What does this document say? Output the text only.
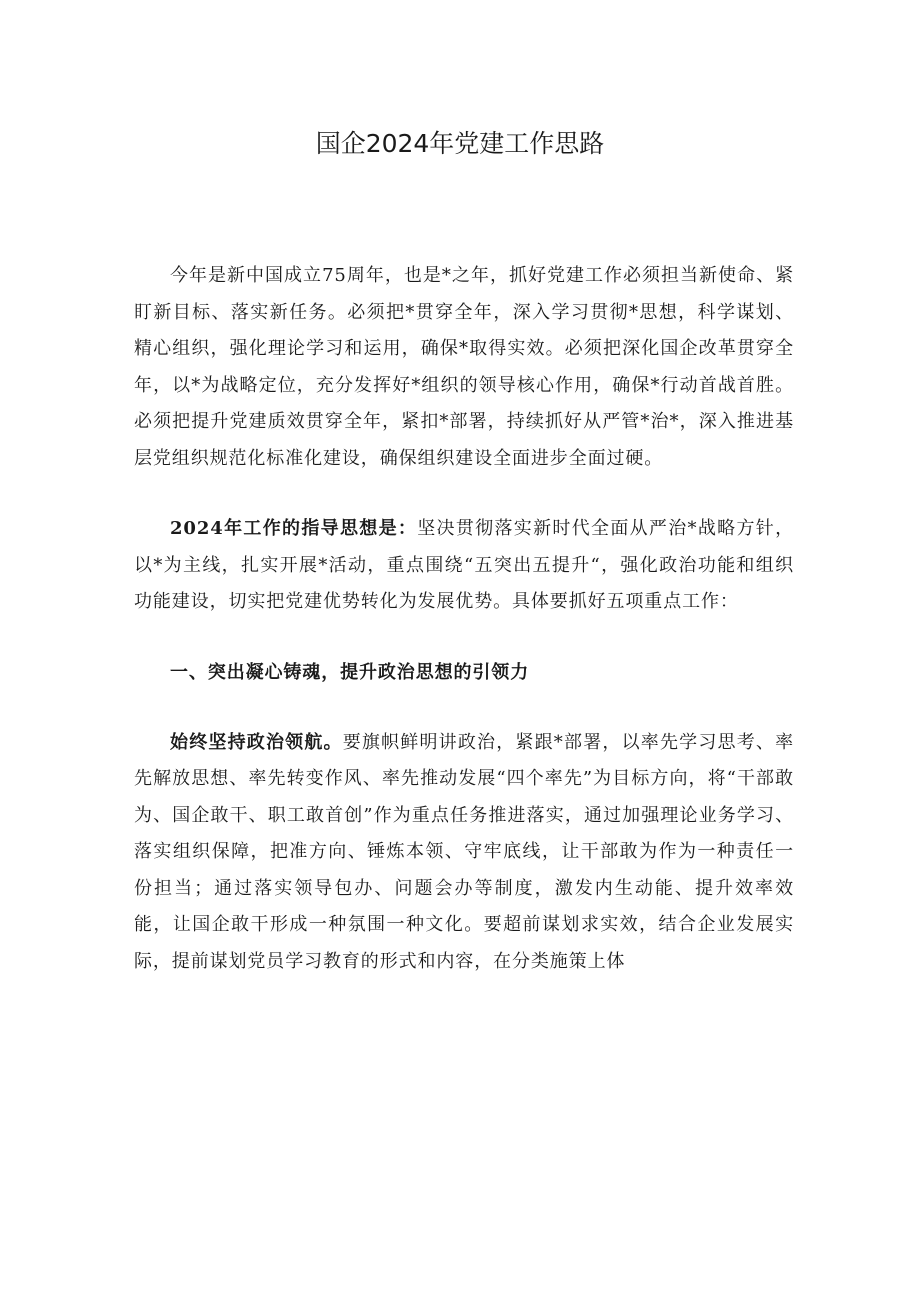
国企2024年党建工作思路

今年是新中国成立75周年，也是*之年，抓好党建工作必须担当新使命、紧盯新目标、落实新任务。必须把*贯穿全年，深入学习贯彻*思想，科学谋划、精心组织，强化理论学习和运用，确保*取得实效。必须把深化国企改革贯穿全年，以*为战略定位，充分发挥好*组织的领导核心作用，确保*行动首战首胜。必须把提升党建质效贯穿全年，紧扣*部署，持续抓好从严管*治*，深入推进基层党组织规范化标准化建设，确保组织建设全面进步全面过硬。

2024年工作的指导思想是：坚决贯彻落实新时代全面从严治*战略方针，以*为主线，扎实开展*活动，重点围绕“五突出五提升“，强化政治功能和组织功能建设，切实把党建优势转化为发展优势。具体要抓好五项重点工作：

一、突出凝心铸魂，提升政治思想的引领力

始终坚持政治领航。要旗帜鲜明讲政治，紧跟*部署，以率先学习思考、率先解放思想、率先转变作风、率先推动发展“四个率先”为目标方向，将“干部敢为、国企敢干、职工敢首创”作为重点任务推进落实，通过加强理论业务学习、落实组织保障，把准方向、锤炼本领、守牢底线，让干部敢为作为一种责任一份担当；通过落实领导包办、问题会办等制度，激发内生动能、提升效率效能，让国企敢干形成一种氛围一种文化。要超前谋划求实效，结合企业发展实际，提前谋划党员学习教育的形式和内容，在分类施策上体
